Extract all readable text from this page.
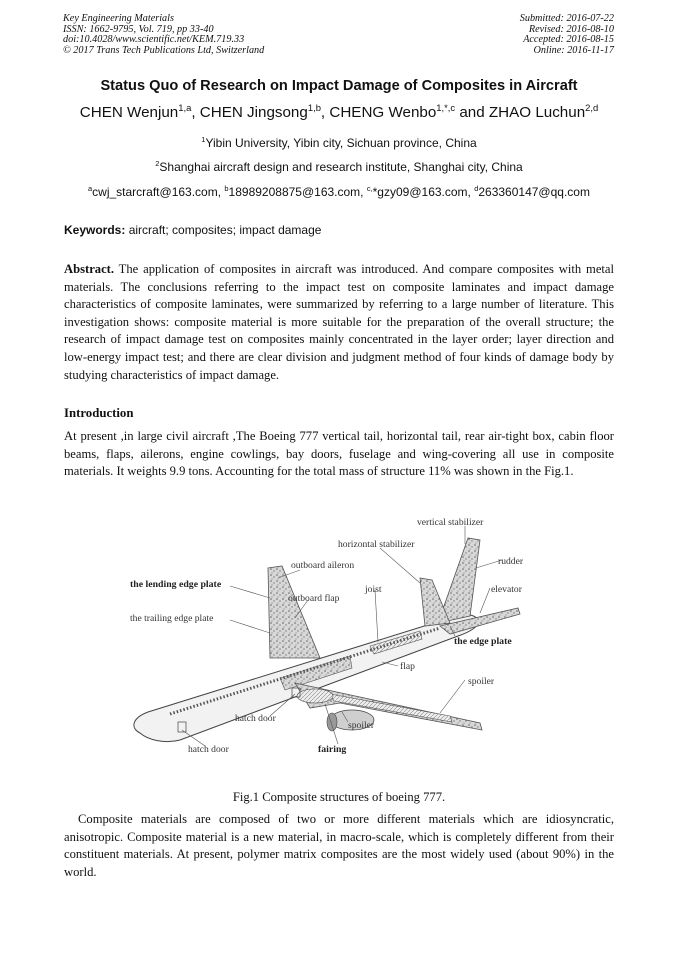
Key Engineering Materials
ISSN: 1662-9795, Vol. 719, pp 33-40
doi:10.4028/www.scientific.net/KEM.719.33
© 2017 Trans Tech Publications Ltd, Switzerland
Submitted: 2016-07-22
Revised: 2016-08-10
Accepted: 2016-08-15
Online: 2016-11-17
Status Quo of Research on Impact Damage of Composites in Aircraft
CHEN Wenjun$^{1,a}$, CHEN Jingsong$^{1,b}$, CHENG Wenbo$^{1,*,c}$ and ZHAO Luchun$^{2,d}$
$^1$Yibin University, Yibin city, Sichuan province, China
$^2$Shanghai aircraft design and research institute, Shanghai city, China
$^a$cwj_starcraft@163.com, $^b$18989208875@163.com, $^{c,}$*gzy09@163.com, $^d$263360147@qq.com
Keywords: aircraft; composites; impact damage
Abstract. The application of composites in aircraft was introduced. And compare composites with metal materials. The conclusions referring to the impact test on composite laminates and impact damage characteristics of composite laminates, were summarized by referring to a large number of literature. This investigation shows: composite material is more suitable for the preparation of the overall structure; the research of impact damage test on composites mainly concentrated in the layer order; layer direction and low-energy impact test; and there are clear division and judgment method of four kinds of damage body by studying characteristics of impact damage.
Introduction
At present ,in large civil aircraft ,The Boeing 777 vertical tail, horizontal tail, rear air-tight box, cabin floor beams, flaps, ailerons, engine cowlings, bay doors, fuselage and wing-covering all use in composite materials. It weights 9.9 tons. Accounting for the total mass of structure 11% was shown in the Fig.1.
vertical stabilizer
horizontal stabilizer
outboard aileron	rudder
the lending edge plate	joist	elevator
outboard flap
the trailing edge plate
the edge plate
flap
spoiler
hatch door
spoiler
hatch door	fairing
Fig.1 Composite structures of boeing 777.
Composite materials are composed of two or more different materials which are idiosyncratic, anisotropic. Composite material is a new material, in macro-scale, which is completely different from their constituent materials. At present, polymer matrix composites are the most widely used (about 90%) in the world.
